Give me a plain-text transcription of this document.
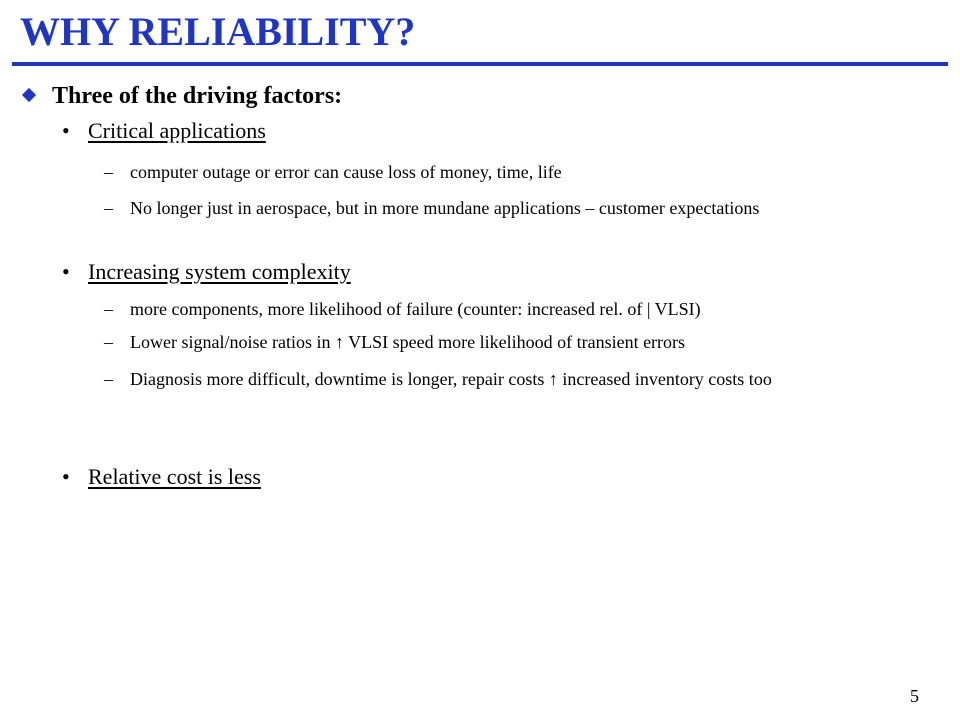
WHY RELIABILITY?
Three of the driving factors:
• Critical applications
– computer outage or error can cause loss of money, time, life
– No longer just in aerospace, but in more mundane applications – customer expectations
• Increasing system complexity
– more components, more likelihood of failure (counter: increased rel. of | VLSI)
– Lower signal/noise ratios in ↑ VLSI speed more likelihood of transient errors
– Diagnosis more difficult, downtime is longer, repair costs ↑ increased inventory costs too
• Relative cost is less
5
